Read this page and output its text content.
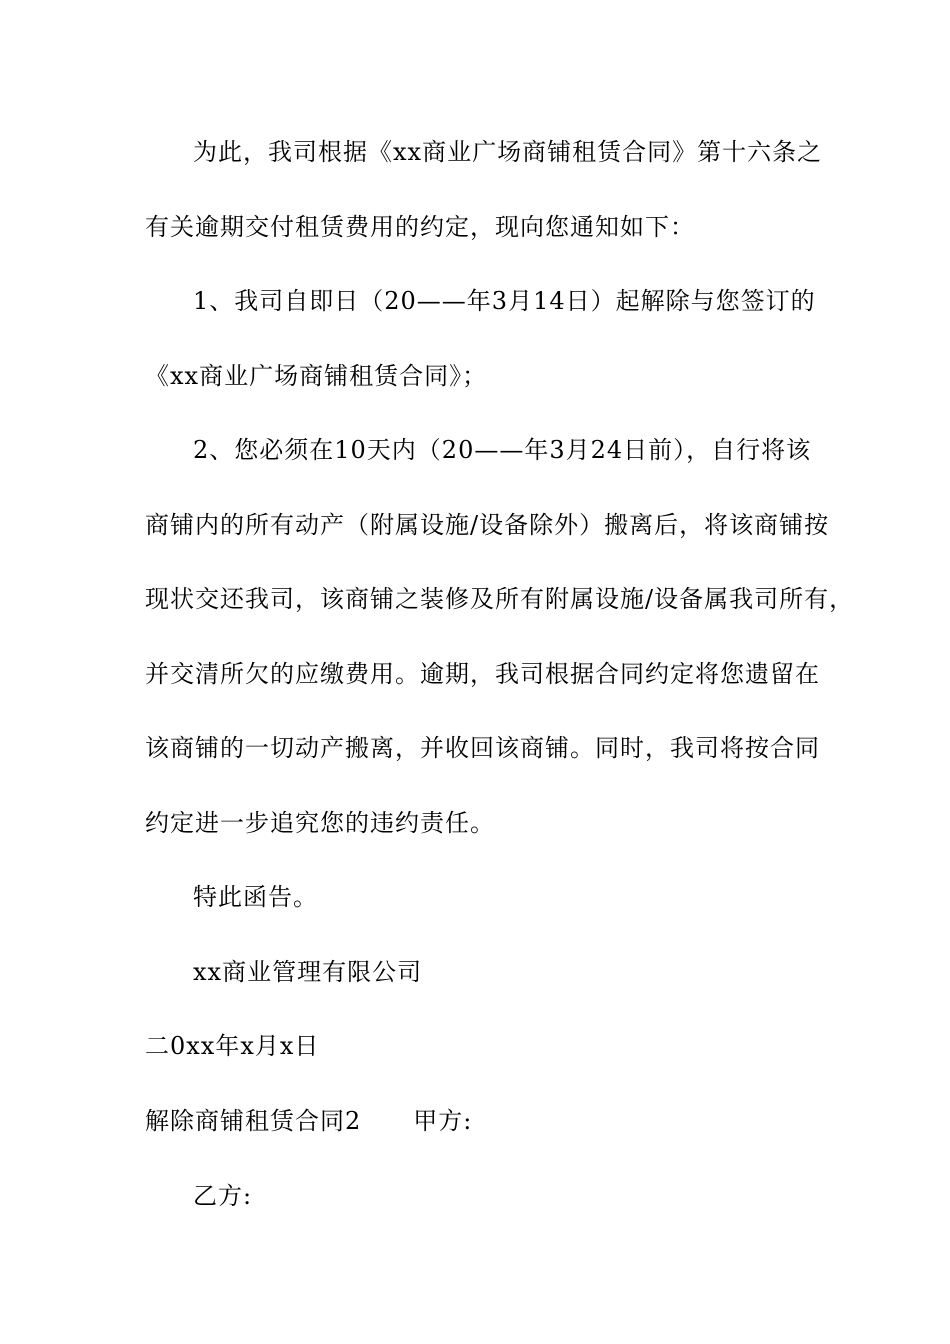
为此，我司根据《xx商业广场商铺租赁合同》第十六条之
有关逾期交付租赁费用的约定，现向您通知如下：
1、我司自即日（20——年3月14日）起解除与您签订的
《xx商业广场商铺租赁合同》；
2、您必须在10天内（20——年3月24日前），自行将该
商铺内的所有动产（附属设施/设备除外）搬离后，将该商铺按
现状交还我司，该商铺之装修及所有附属设施/设备属我司所有，
并交清所欠的应缴费用。逾期，我司根据合同约定将您遗留在
该商铺的一切动产搬离，并收回该商铺。同时，我司将按合同
约定进一步追究您的违约责任。
特此函告。
xx商业管理有限公司
二0xx年x月x日
解除商铺租赁合同2 甲方:
乙方:
